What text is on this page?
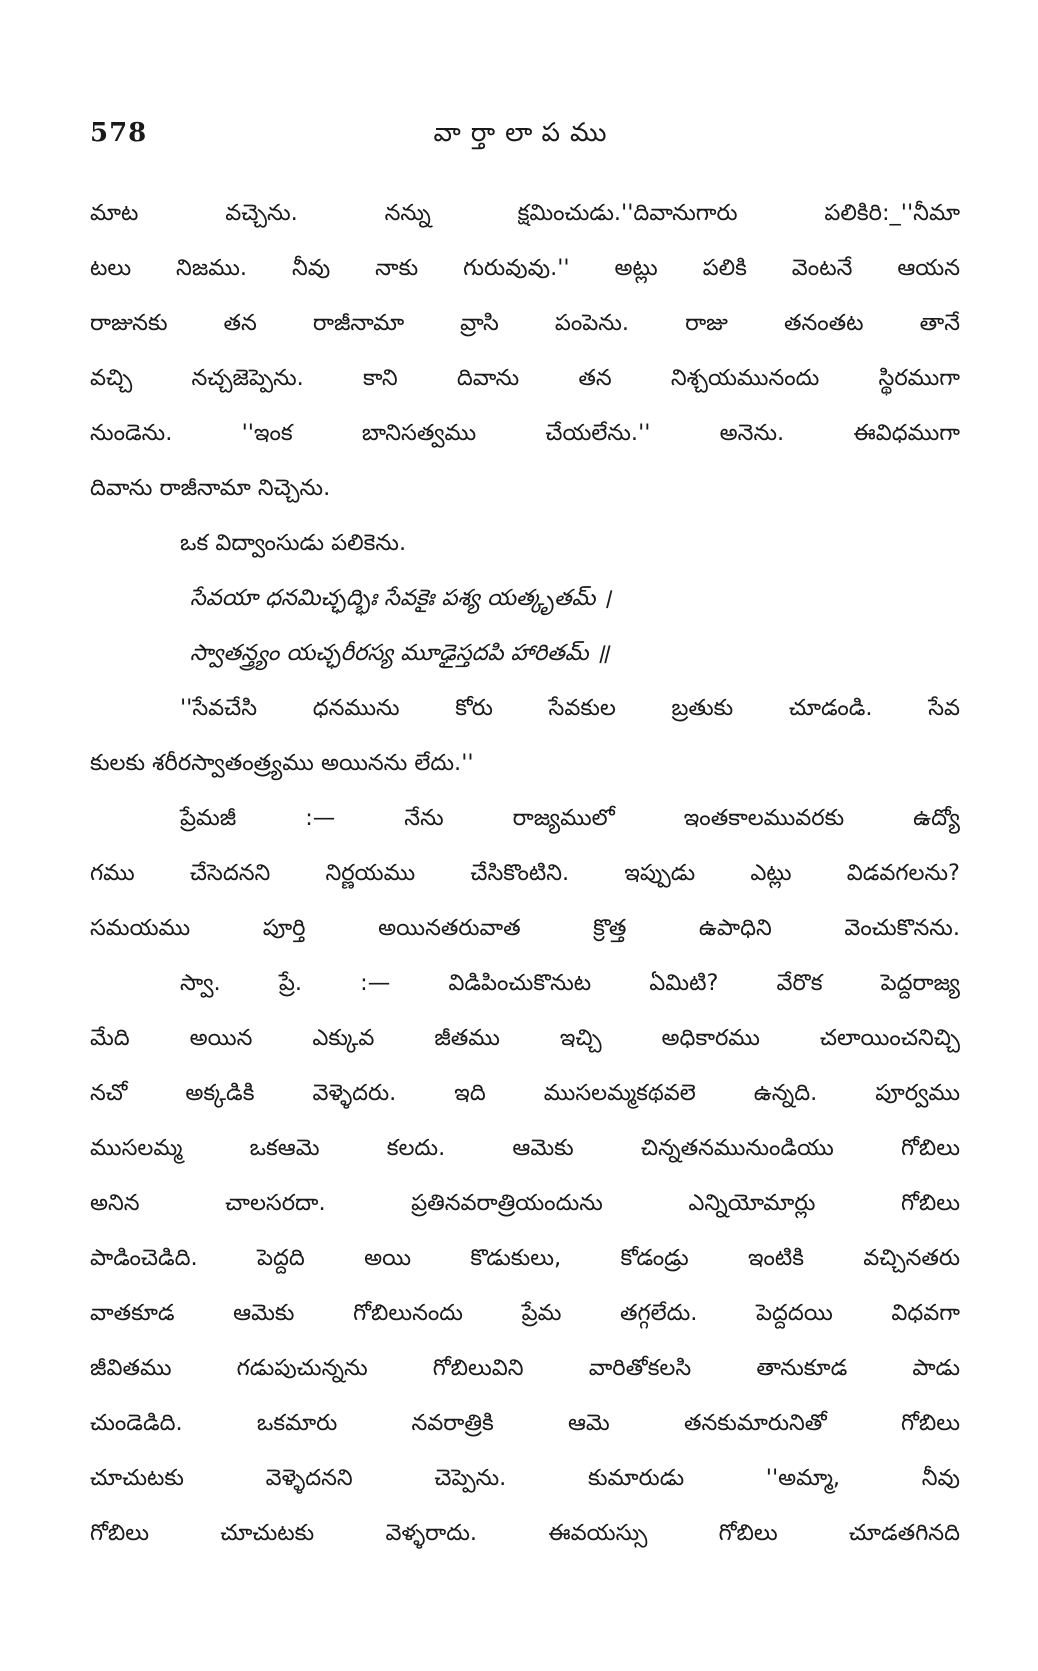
578	వార్తాలాపము
మాట వచ్చెను. నన్ను క్షమించుడు.''దివానుగారు పలికిరి:_''నీమా
టలు నిజము. నీవు నాకు గురువువు.'' అట్లు పలికి వెంటనే ఆయన
రాజునకు తన రాజీనామా వ్రాసి పంపెను. రాజు తనంతట తానే
వచ్చి నచ్చజెప్పెను. కాని దివాను తన నిశ్చయమునందు స్థిరముగా
నుండెను. ''ఇంక బానిసత్వము చేయలేను.'' అనెను. ఈవిధముగా
దివాను రాజీనామా నిచ్చెను.
ఒక విద్వాంసుడు పలికెను.
సేవయా ధనమిచ్ఛద్భిః సేవకైః పశ్య యత్కృతమ్ ।
స్వాతన్త్ర్యం యచ్ఛరీరస్య మూఢైస్తదపి హారితమ్ ॥
''సేవచేసి ధనమును కోరు సేవకుల బ్రతుకు చూడండి. సేవ
కులకు శరీరస్వాతంత్ర్యము అయినను లేదు.''
ప్రేమజీ :— నేను రాజ్యములో ఇంతకాలమువరకు ఉద్యో
గము చేసెదనని నిర్ణయము చేసికొంటిని. ఇప్పుడు ఎట్లు విడవగలను?
సమయము పూర్తి అయినతరువాత క్రొత్త ఉపాధిని వెంచుకొనను.
స్వా. ప్రే. :— విడిపించుకొనుట ఏమిటి? వేరొక పెద్దరాజ్య
మేది అయిన ఎక్కువ జీతము ఇచ్చి అధికారము చలాయించనిచ్చి
నచో అక్కడికి వెళ్ళెదరు. ఇది ముసలమ్మకథవలె ఉన్నది. పూర్వము
ముసలమ్మ ఒకఆమె కలదు. ఆమెకు చిన్నతనమునుండియు గోబిలు
అనిన చాలసరదా. ప్రతినవరాత్రియందును ఎన్నియోమార్లు గోబిలు
పాడించెడిది. పెద్దది అయి కొడుకులు, కోడండ్రు ఇంటికి వచ్చినతరు
వాతకూడ ఆమెకు గోబిలునందు ప్రేమ తగ్గలేదు. పెద్దదయి విధవగా
జీవితము గడుపుచున్నను గోబిలువిని వారితోకలసి తానుకూడ పాడు
చుండెడిది. ఒకమారు నవరాత్రికి ఆమె తనకుమారునితో గోబిలు
చూచుటకు వెళ్ళెదనని చెప్పెను. కుమారుడు ''అమ్మా, నీవు
గోబిలు చూచుటకు వెళ్ళరాదు. ఈవయస్సు గోబిలు చూడతగినది
